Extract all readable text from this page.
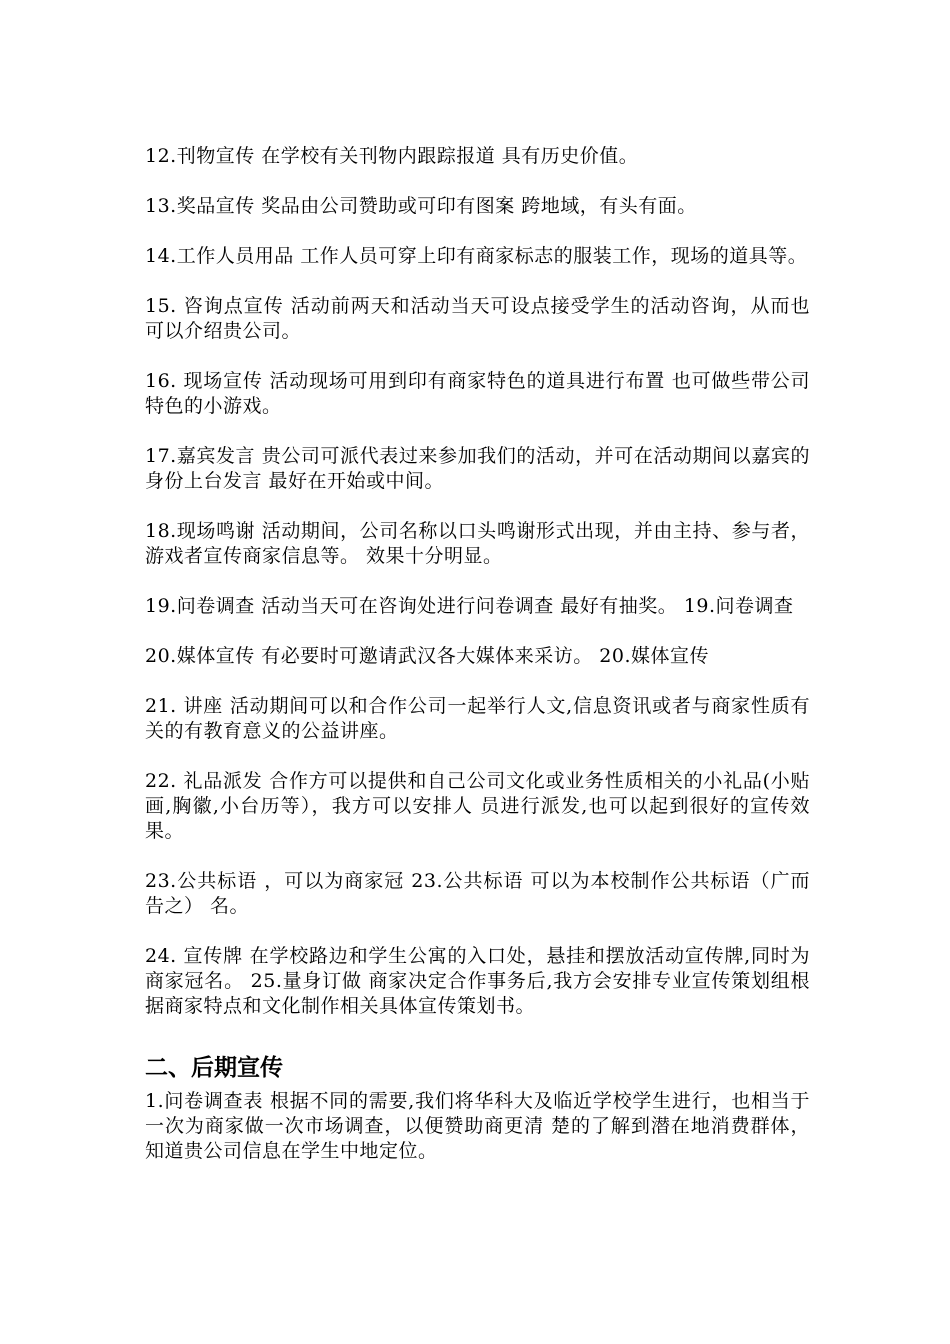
12.刊物宣传 在学校有关刊物内跟踪报道 具有历史价值。

13.奖品宣传 奖品由公司赞助或可印有图案 跨地域，有头有面。

14.工作人员用品 工作人员可穿上印有商家标志的服装工作，现场的道具等。

15. 咨询点宣传 活动前两天和活动当天可设点接受学生的活动咨询，从而也可以介绍贵公司。

16. 现场宣传 活动现场可用到印有商家特色的道具进行布置 也可做些带公司特色的小游戏。

17.嘉宾发言 贵公司可派代表过来参加我们的活动，并可在活动期间以嘉宾的身份上台发言 最好在开始或中间。

18.现场鸣谢 活动期间，公司名称以口头鸣谢形式出现，并由主持、参与者，游戏者宣传商家信息等。 效果十分明显。

19.问卷调查 活动当天可在咨询处进行问卷调查 最好有抽奖。 19.问卷调查

20.媒体宣传 有必要时可邀请武汉各大媒体来采访。 20.媒体宣传

21. 讲座 活动期间可以和合作公司一起举行人文,信息资讯或者与商家性质有关的有教育意义的公益讲座。

22. 礼品派发 合作方可以提供和自己公司文化或业务性质相关的小礼品(小贴画,胸徽,小台历等），我方可以安排人 员进行派发,也可以起到很好的宣传效果。

23.公共标语 ，可以为商家冠 23.公共标语 可以为本校制作公共标语（广而告之） 名。

24. 宣传牌 在学校路边和学生公寓的入口处，悬挂和摆放活动宣传牌,同时为商家冠名。 25.量身订做 商家决定合作事务后,我方会安排专业宣传策划组根 据商家特点和文化制作相关具体宣传策划书。

二、后期宣传

1.问卷调查表 根据不同的需要,我们将华科大及临近学校学生进行，也相当于一次为商家做一次市场调查，以便赞助商更清 楚的了解到潜在地消费群体，知道贵公司信息在学生中地定位。
